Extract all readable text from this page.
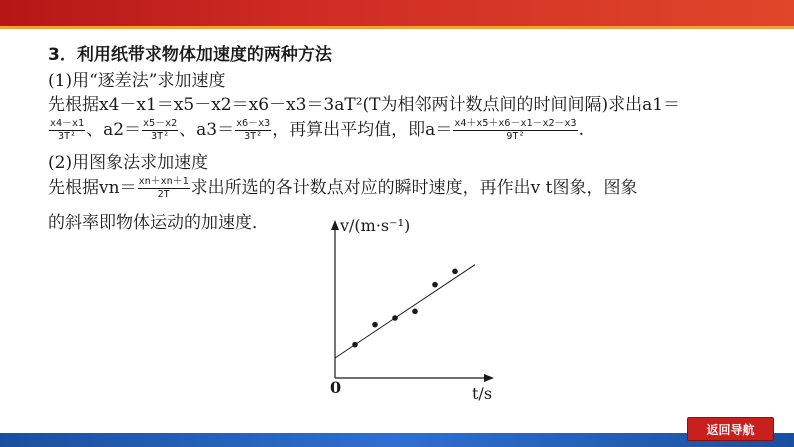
3．利用纸带求物体加速度的两种方法
(1)用“逐差法”求加速度
先根据x4－x1＝x5－x2＝x6－x3＝3aT²(T为相邻两计数点间的时间间隔)求出a1＝
$\frac{x4-x1}{\text{3T²}}$ 、$a2= \frac{x5-x2}{\text{3T²}}$ 、$a3= \frac{x6-x3}{\text{3T²}}$ ，再算出平均值，即$a= \frac{x4+x5+x6-x1-x2-x3}{\text{9T²}}$ .
(2)用图象法求加速度
先根据$vn= \frac{xn+xn+1}{2T}$ 求出所选的各计数点对应的瞬时速度，再作出v t图象，图象
的斜率即物体运动的加速度．	v/(m·s⁻¹)
t/s
0
返回导航
